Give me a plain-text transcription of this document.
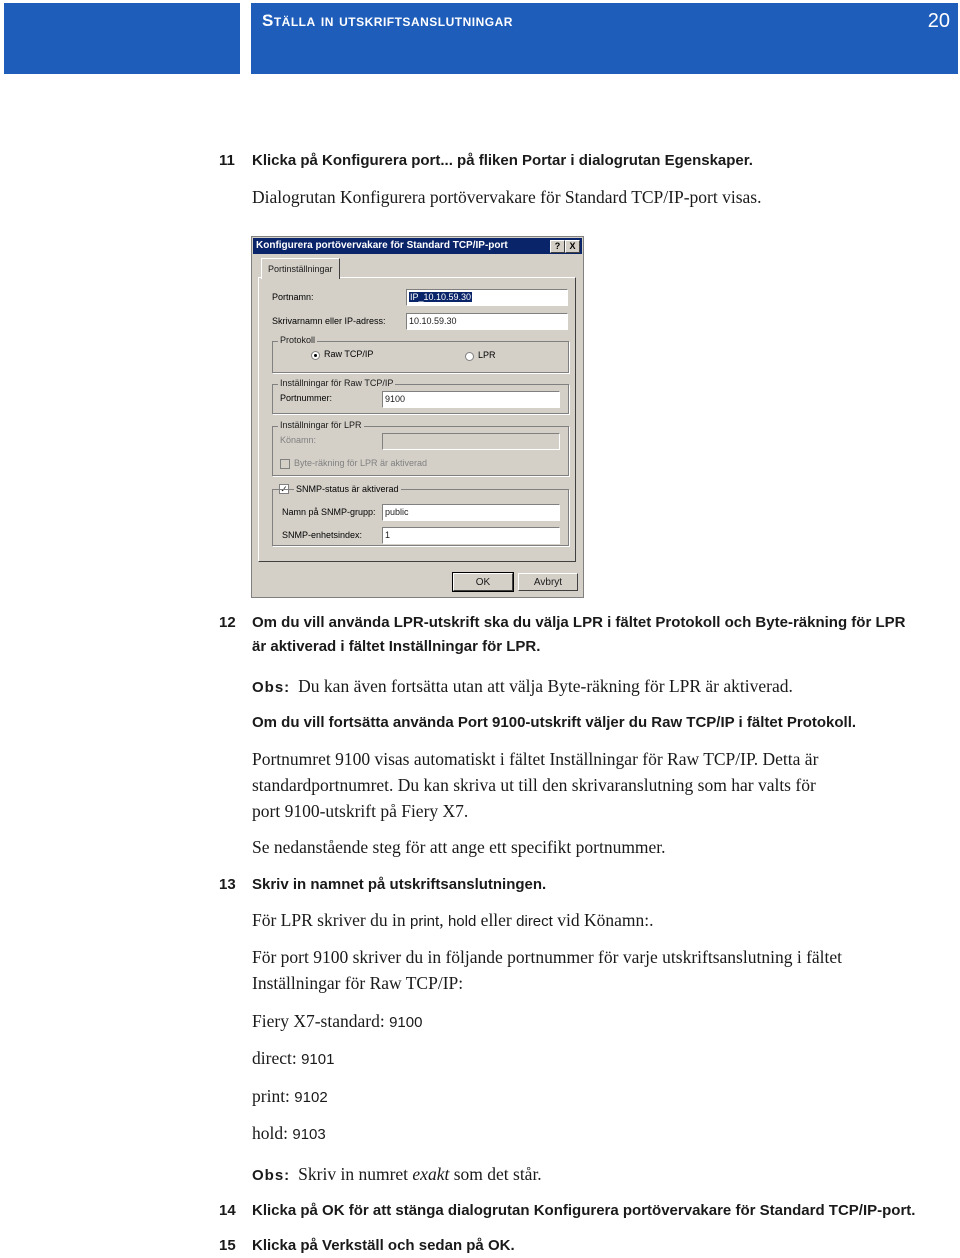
Ställa in utskriftsanslutningar	20
11 Klicka på Konfigurera port... på fliken Portar i dialogrutan Egenskaper.
Dialogrutan Konfigurera portövervakare för Standard TCP/IP-port visas.
Konfigurera portövervakare för Standard TCP/IP-port	?	X
Portinställningar
Portnamn:	IP_10.10.59.30
Skrivarnamn eller IP-adress:	10.10.59.30
Protokoll
Raw TCP/IP	LPR
Inställningar för Raw TCP/IP
Portnummer:	9100
Inställningar för LPR
Könamn:
Byte-räkning för LPR är aktiverad
✓ SNMP-status är aktiverad
Namn på SNMP-grupp:	public
SNMP-enhetsindex:	1
OK	Avbryt
12 Om du vill använda LPR-utskrift ska du välja LPR i fältet Protokoll och Byte-räkning för LPR
är aktiverad i fältet Inställningar för LPR.
Obs: Du kan även fortsätta utan att välja Byte-räkning för LPR är aktiverad.
Om du vill fortsätta använda Port 9100-utskrift väljer du Raw TCP/IP i fältet Protokoll.
Portnumret 9100 visas automatiskt i fältet Inställningar för Raw TCP/IP. Detta är
standardportnumret. Du kan skriva ut till den skrivaranslutning som har valts för
port 9100-utskrift på Fiery X7.
Se nedanstående steg för att ange ett specifikt portnummer.
13 Skriv in namnet på utskriftsanslutningen.
För LPR skriver du in print, hold eller direct vid Könamn:.
För port 9100 skriver du in följande portnummer för varje utskriftsanslutning i fältet
Inställningar för Raw TCP/IP:
Fiery X7-standard: 9100
direct: 9101
print: 9102
hold: 9103
Obs: Skriv in numret exakt som det står.
14 Klicka på OK för att stänga dialogrutan Konfigurera portövervakare för Standard TCP/IP-port.
15 Klicka på Verkställ och sedan på OK.
